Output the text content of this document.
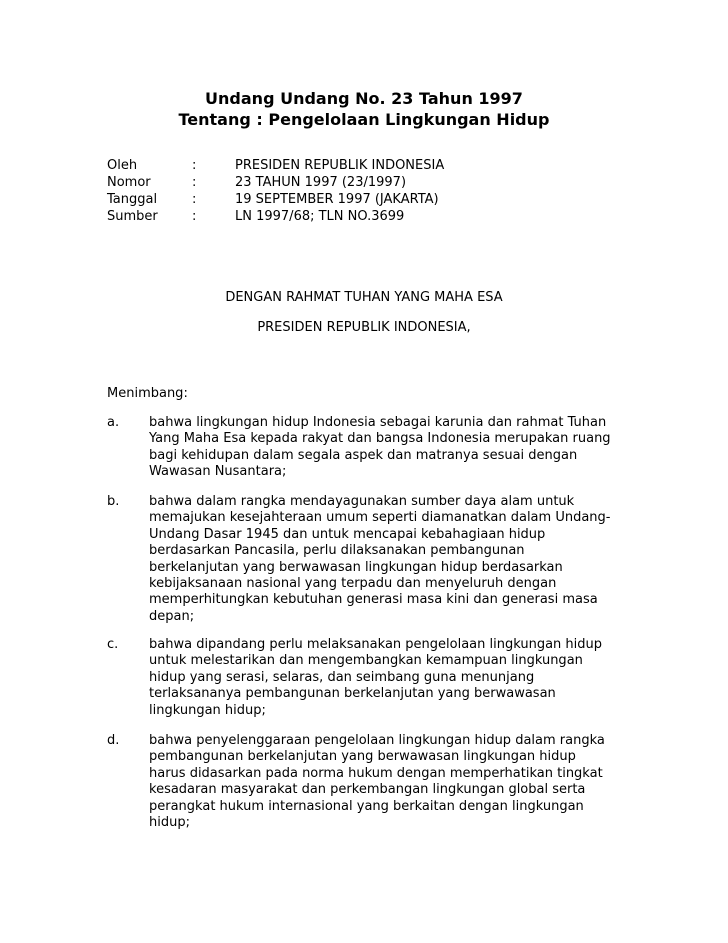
Undang Undang No. 23 Tahun 1997
Tentang : Pengelolaan Lingkungan Hidup
Oleh	:	PRESIDEN REPUBLIK INDONESIA
Nomor	:	23 TAHUN 1997 (23/1997)
Tanggal	:	19 SEPTEMBER 1997 (JAKARTA)
Sumber	:	LN 1997/68; TLN NO.3699
DENGAN RAHMAT TUHAN YANG MAHA ESA
PRESIDEN REPUBLIK INDONESIA,
Menimbang:
a.	bahwa lingkungan hidup Indonesia sebagai karunia dan rahmat Tuhan
Yang Maha Esa kepada rakyat dan bangsa Indonesia merupakan ruang
bagi kehidupan dalam segala aspek dan matranya sesuai dengan
Wawasan Nusantara;
b.	bahwa dalam rangka mendayagunakan sumber daya alam untuk
memajukan kesejahteraan umum seperti diamanatkan dalam Undang-
Undang Dasar 1945 dan untuk mencapai kebahagiaan hidup
berdasarkan Pancasila, perlu dilaksanakan pembangunan
berkelanjutan yang berwawasan lingkungan hidup berdasarkan
kebijaksanaan nasional yang terpadu dan menyeluruh dengan
memperhitungkan kebutuhan generasi masa kini dan generasi masa
depan;
c.	bahwa dipandang perlu melaksanakan pengelolaan lingkungan hidup
untuk melestarikan dan mengembangkan kemampuan lingkungan
hidup yang serasi, selaras, dan seimbang guna menunjang
terlaksananya pembangunan berkelanjutan yang berwawasan
lingkungan hidup;
d.	bahwa penyelenggaraan pengelolaan lingkungan hidup dalam rangka
pembangunan berkelanjutan yang berwawasan lingkungan hidup
harus didasarkan pada norma hukum dengan memperhatikan tingkat
kesadaran masyarakat dan perkembangan lingkungan global serta
perangkat hukum internasional yang berkaitan dengan lingkungan
hidup;
